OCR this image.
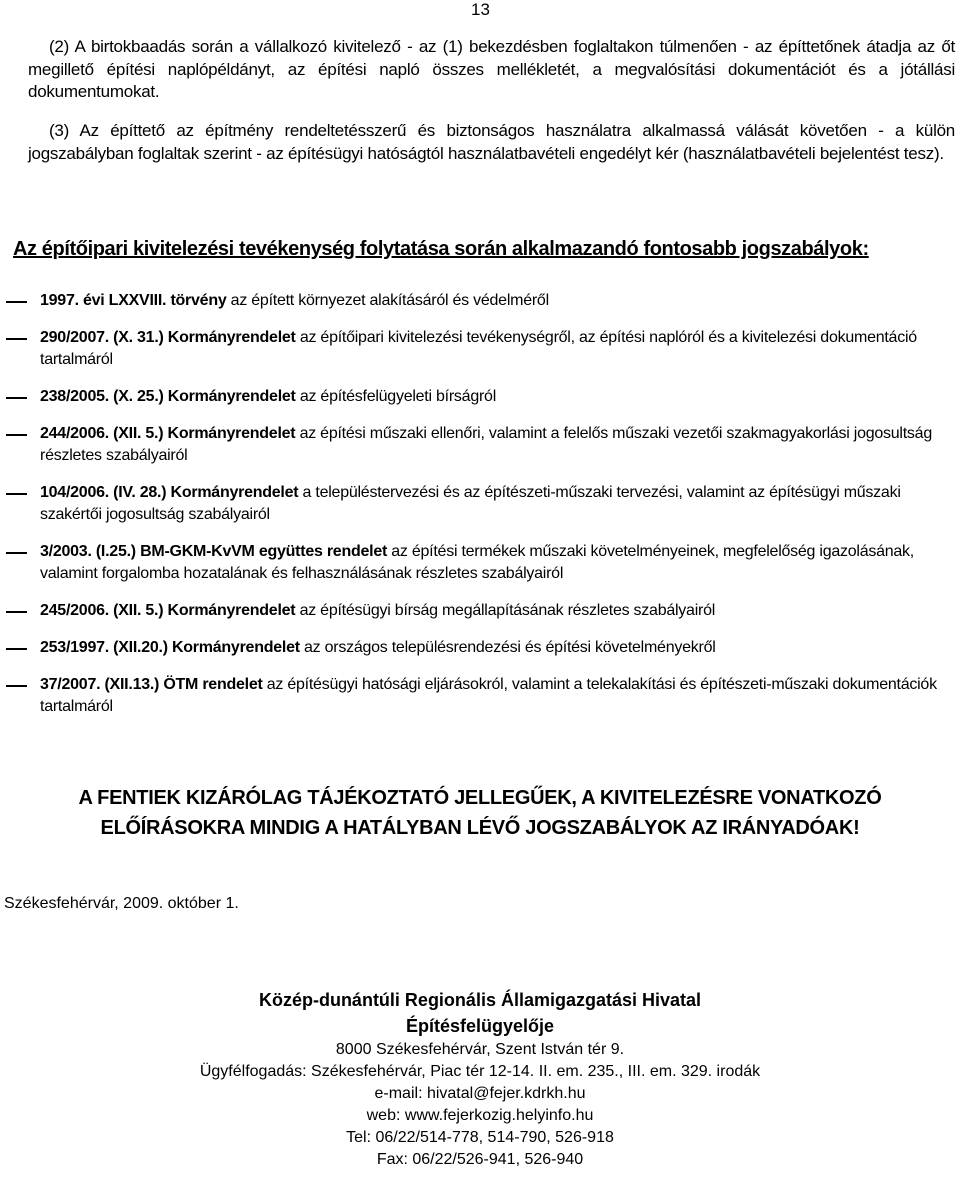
13

(2) A birtokbaadás során a vállalkozó kivitelező - az (1) bekezdésben foglaltakon túlmenően - az építtetőnek átadja az őt megillető építési naplópéldányt, az építési napló összes mellékletét, a megvalósítási dokumentációt és a jótállási dokumentumokat.

(3) Az építtető az építmény rendeltetésszerű és biztonságos használatra alkalmassá válását követően - a külön jogszabályban foglaltak szerint - az építésügyi hatóságtól használatbavételi engedélyt kér (használatbavételi bejelentést tesz).

Az építőipari kivitelezési tevékenység folytatása során alkalmazandó fontosabb jogszabályok:
1997. évi LXXVIII. törvény az épített környezet alakításáról és védelméről
290/2007. (X. 31.) Kormányrendelet az építőipari kivitelezési tevékenységről, az építési naplóról és a kivitelezési dokumentáció tartalmáról
238/2005. (X. 25.) Kormányrendelet az építésfelügyeleti bírságról
244/2006. (XII. 5.) Kormányrendelet az építési műszaki ellenőri, valamint a felelős műszaki vezetői szakmagyakorlási jogosultság részletes szabályairól
104/2006. (IV. 28.) Kormányrendelet a településtervezési és az építészeti-műszaki tervezési, valamint az építésügyi műszaki szakértői jogosultság szabályairól
3/2003. (I.25.) BM-GKM-KvVM együttes rendelet az építési termékek műszaki követelményeinek, megfelelőség igazolásának, valamint forgalomba hozatalának és felhasználásának részletes szabályairól
245/2006. (XII. 5.) Kormányrendelet az építésügyi bírság megállapításának részletes szabályairól
253/1997. (XII.20.) Kormányrendelet az országos településrendezési és építési követelményekről
37/2007. (XII.13.) ÖTM rendelet az építésügyi hatósági eljárásokról, valamint a telekalakítási és építészeti-műszaki dokumentációk tartalmáról
A FENTIEK KIZÁRÓLAG TÁJÉKOZTATÓ JELLEGŰEK, A KIVITELEZÉSRE VONATKOZÓ
ELŐÍRÁSOKRA MINDIG A HATÁLYBAN LÉVŐ JOGSZABÁLYOK AZ IRÁNYADÓAK!
Székesfehérvár, 2009. október 1.
Közép-dunántúli Regionális Államigazgatási Hivatal
Építésfelügyelője
8000 Székesfehérvár, Szent István tér 9.
Ügyfélfogadás: Székesfehérvár, Piac tér 12-14. II. em. 235., III. em. 329. irodák
e-mail: hivatal@fejer.kdrkh.hu
web: www.fejerkozig.helyinfo.hu
Tel: 06/22/514-778, 514-790, 526-918
Fax: 06/22/526-941, 526-940
